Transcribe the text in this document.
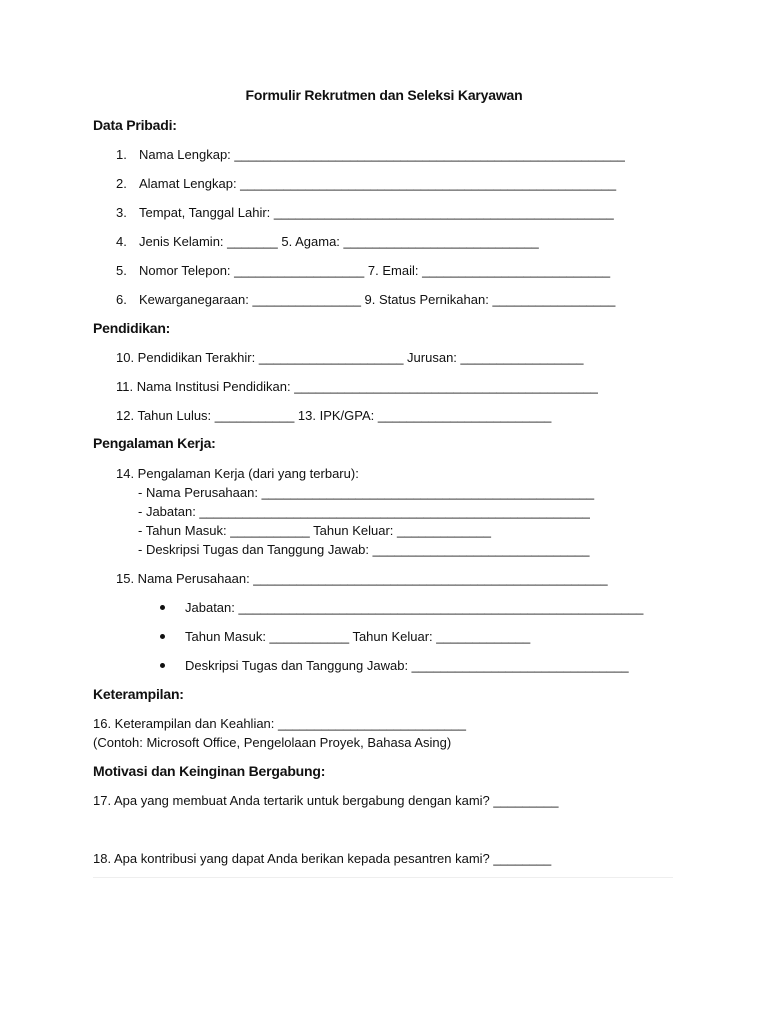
Formulir Rekrutmen dan Seleksi Karyawan
Data Pribadi:
1. Nama Lengkap: ______________________________________________________
2. Alamat Lengkap: ____________________________________________________
3. Tempat, Tanggal Lahir: _______________________________________________
4. Jenis Kelamin: _______ 5. Agama: ___________________________
5. Nomor Telepon: __________________ 7. Email: __________________________
6. Kewarganegaraan: _______________ 9. Status Pernikahan: _________________
Pendidikan:
10. Pendidikan Terakhir: ____________________ Jurusan: _________________
11. Nama Institusi Pendidikan: __________________________________________
12. Tahun Lulus: ___________ 13. IPK/GPA: ________________________
Pengalaman Kerja:
14. Pengalaman Kerja (dari yang terbaru):
- Nama Perusahaan: ______________________________________________
- Jabatan: ______________________________________________________
- Tahun Masuk: ___________ Tahun Keluar: _____________
- Deskripsi Tugas dan Tanggung Jawab: ______________________________
15. Nama Perusahaan: _________________________________________________
Jabatan: ________________________________________________________
Tahun Masuk: ___________ Tahun Keluar: _____________
Deskripsi Tugas dan Tanggung Jawab: ______________________________
Keterampilan:
16. Keterampilan dan Keahlian: __________________________
(Contoh: Microsoft Office, Pengelolaan Proyek, Bahasa Asing)
Motivasi dan Keinginan Bergabung:
17. Apa yang membuat Anda tertarik untuk bergabung dengan kami? _________
18. Apa kontribusi yang dapat Anda berikan kepada pesantren kami? ________
